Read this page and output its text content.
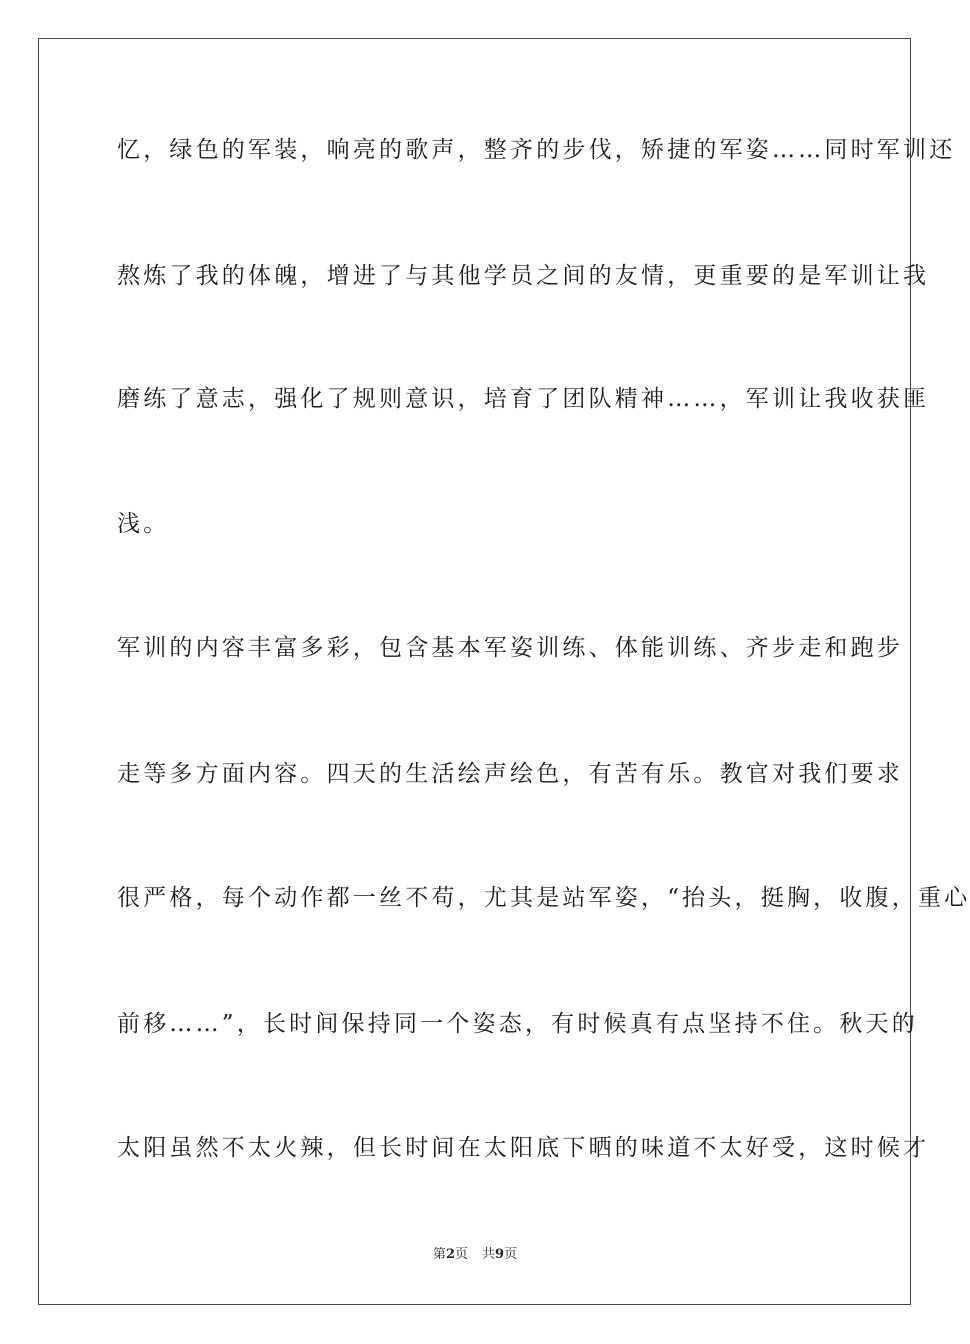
忆，绿色的军装，响亮的歌声，整齐的步伐，矫捷的军姿……同时军训还
熬炼了我的体魄，增进了与其他学员之间的友情，更重要的是军训让我
磨练了意志，强化了规则意识，培育了团队精神……，军训让我收获匪
浅。
军训的内容丰富多彩，包含基本军姿训练、体能训练、齐步走和跑步
走等多方面内容。四天的生活绘声绘色，有苦有乐。教官对我们要求
很严格，每个动作都一丝不苟，尤其是站军姿，“抬头，挺胸，收腹，重心
前移……”，长时间保持同一个姿态，有时候真有点坚持不住。秋天的
太阳虽然不太火辣，但长时间在太阳底下晒的味道不太好受，这时候才
第2页 共9页
